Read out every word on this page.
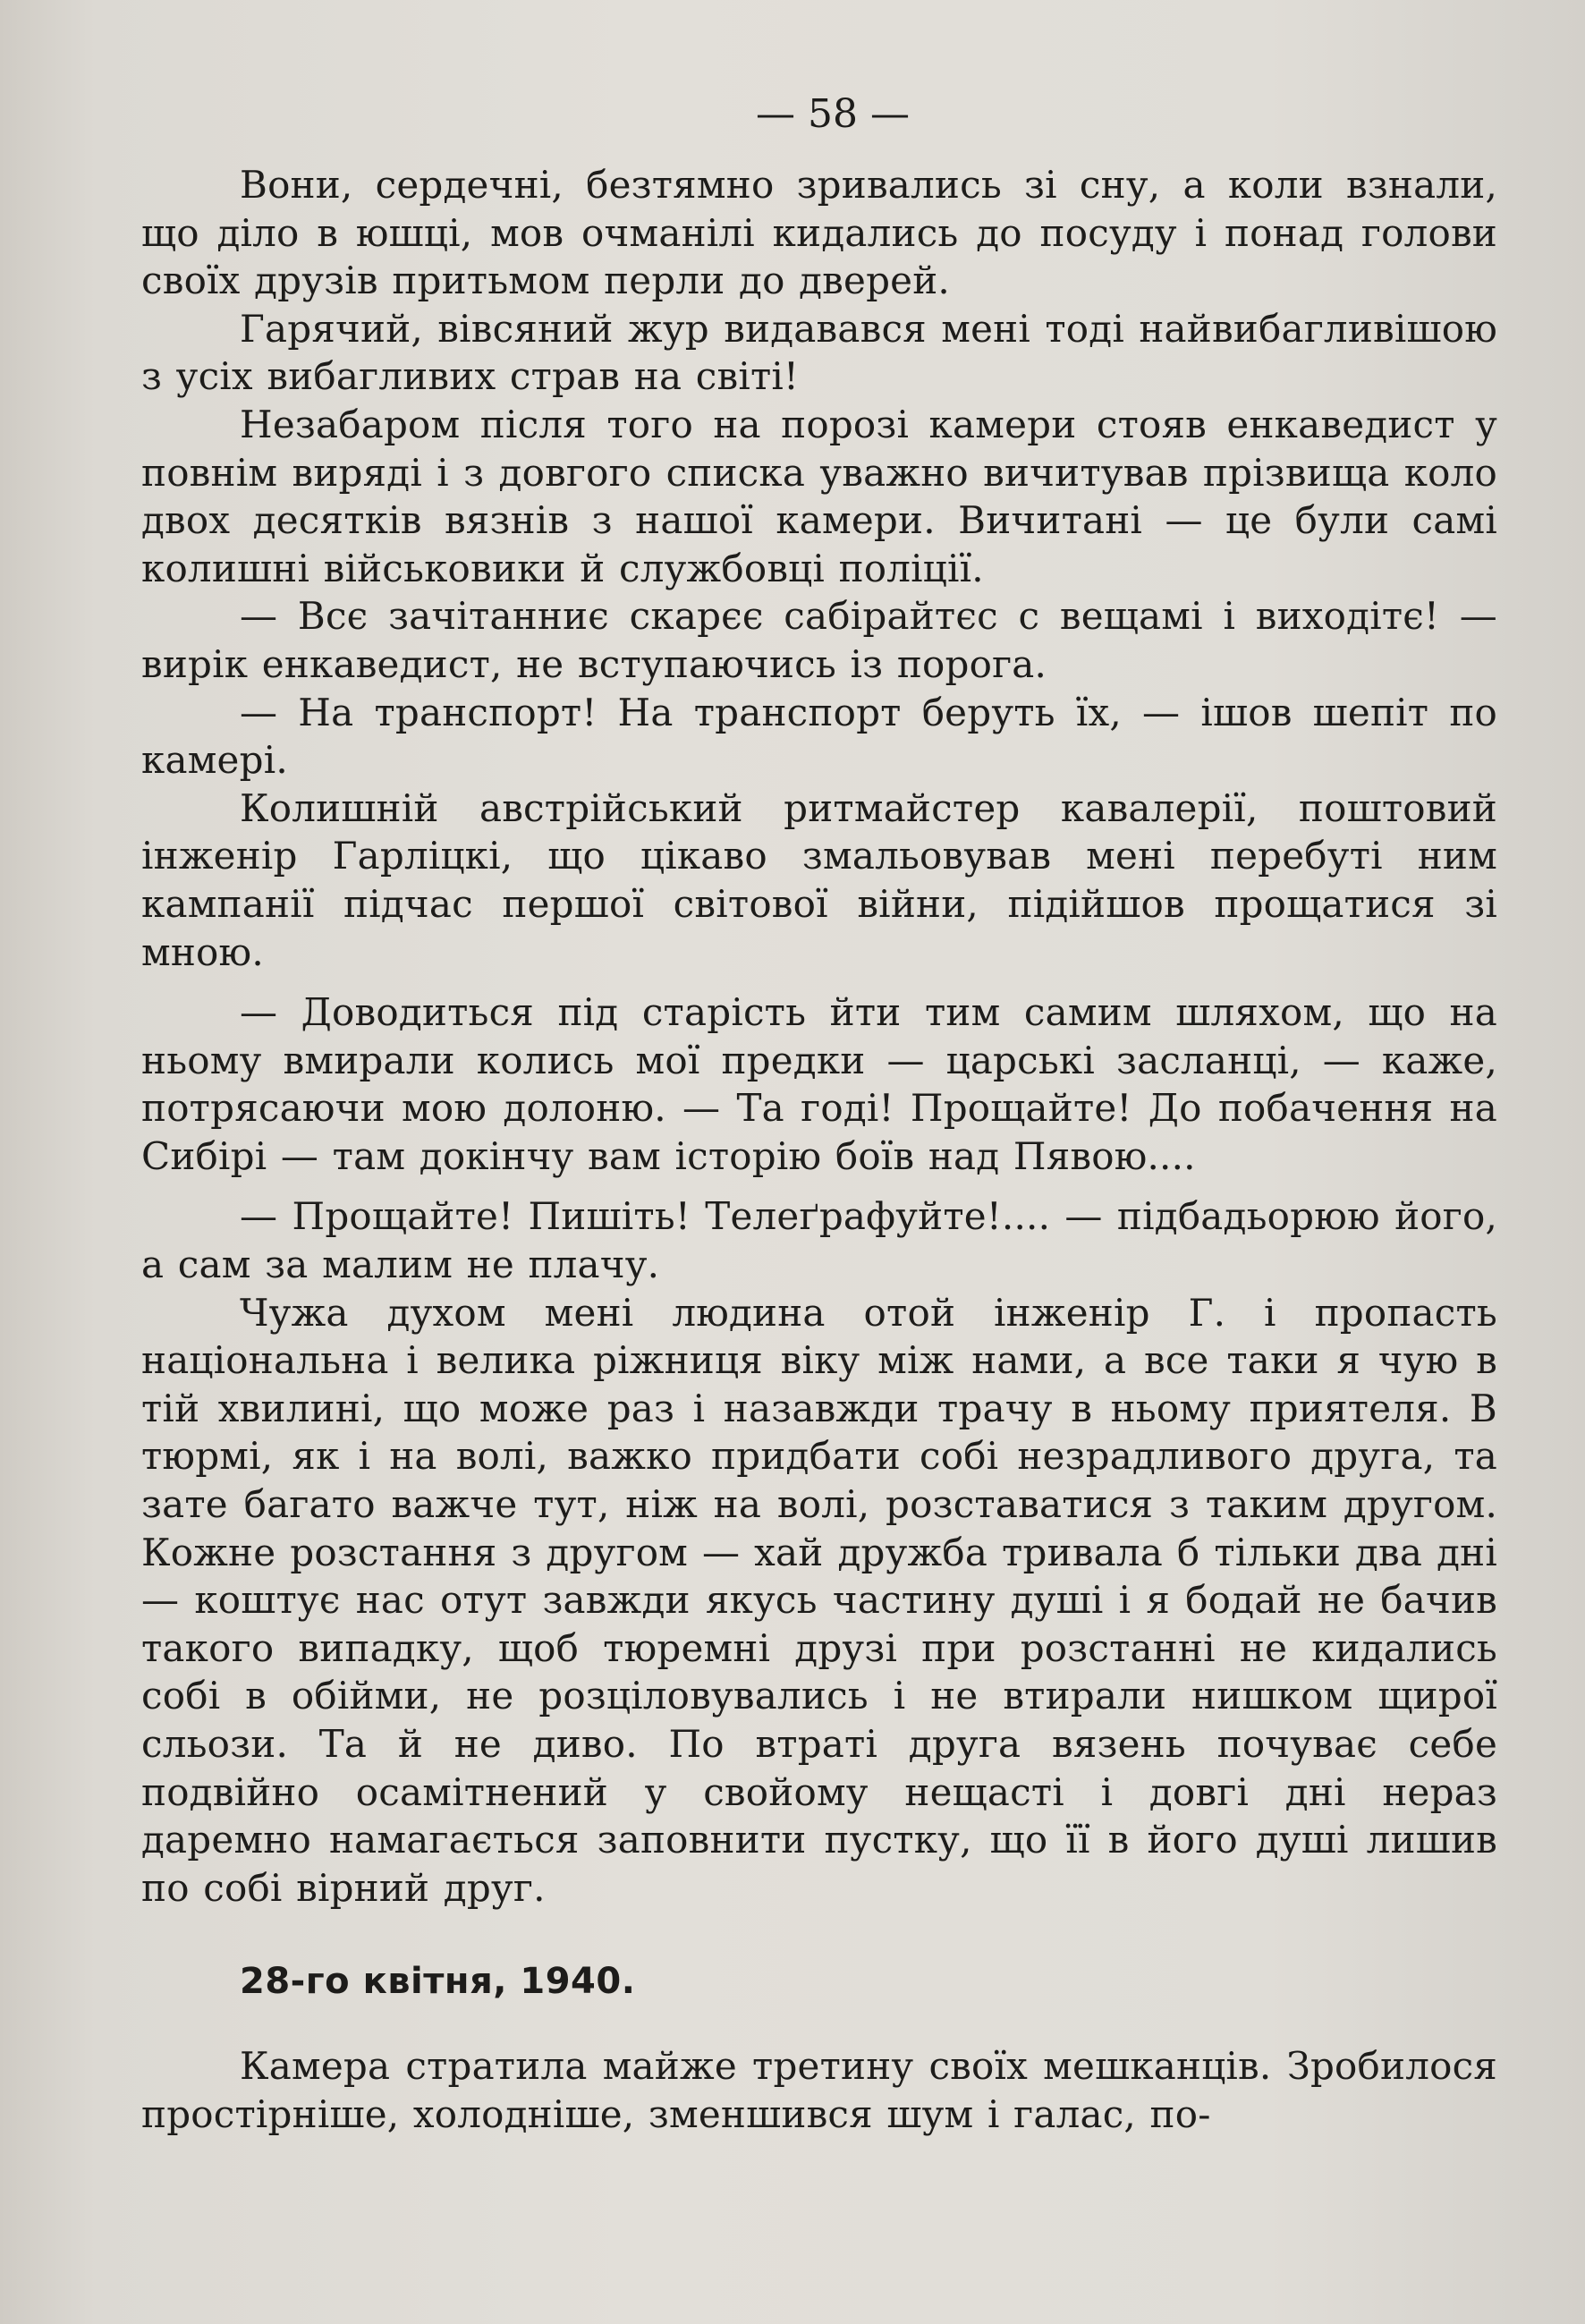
— 58 —

Вони, сердечні, безтямно зривались зі сну, а коли взнали, що діло в юшці, мов очманілі кидались до посуду і понад голови своїх друзів притьмом перли до дверей.

Гарячий, вівсяний жур видавався мені тоді найвибагливішою з усіх вибагливих страв на світі!

Незабаром після того на порозі камери стояв енкаведист у повнім виряді і з довгого списка уважно вичитував прізвища коло двох десятків вязнів з нашої камери. Вичитані — це були самі колишні військовики й службовці поліції.

— Всє зачітанниє скарєє сабірайтєс с вещамі і виходітє! — вирік енкаведист, не вступаючись із порога.

— На транспорт! На транспорт беруть їх, — ішов шепіт по камері.

Колишній австрійський ритмайстер кавалерії, поштовий інженір Гарліцкі, що цікаво змальовував мені перебуті ним кампанії підчас першої світової війни, підійшов прощатися зі мною.

— Доводиться під старість йти тим самим шляхом, що на ньому вмирали колись мої предки — царські засланці, — каже, потрясаючи мою долоню. — Та годі! Прощайте! До побачення на Сибірі — там докінчу вам історію боїв над Пявою....

— Прощайте! Пишіть! Телеґрафуйте!.... — підбадьорюю його, а сам за малим не плачу.

Чужа духом мені людина отой інженір Г. і пропасть національна і велика ріжниця віку між нами, а все таки я чую в тій хвилині, що може раз і назавжди трачу в ньому приятеля. В тюрмі, як і на волі, важко придбати собі незрадливого друга, та зате багато важче тут, ніж на волі, розставатися з таким другом. Кожне розстання з другом — хай дружба тривала б тільки два дні — коштує нас отут завжди якусь частину душі і я бодай не бачив такого випадку, щоб тюремні друзі при розстанні не кидались собі в обійми, не розціловувались і не втирали нишком щирої сльози. Та й не диво. По втраті друга вязень почуває себе подвійно осамітнений у свойому нещасті і довгі дні нераз даремно намагається заповнити пустку, що її в його душі лишив по собі вірний друг.

28-го квітня, 1940.

Камера стратила майже третину своїх мешканців. Зробилося простірніше, холодніше, зменшився шум і галас, по-
